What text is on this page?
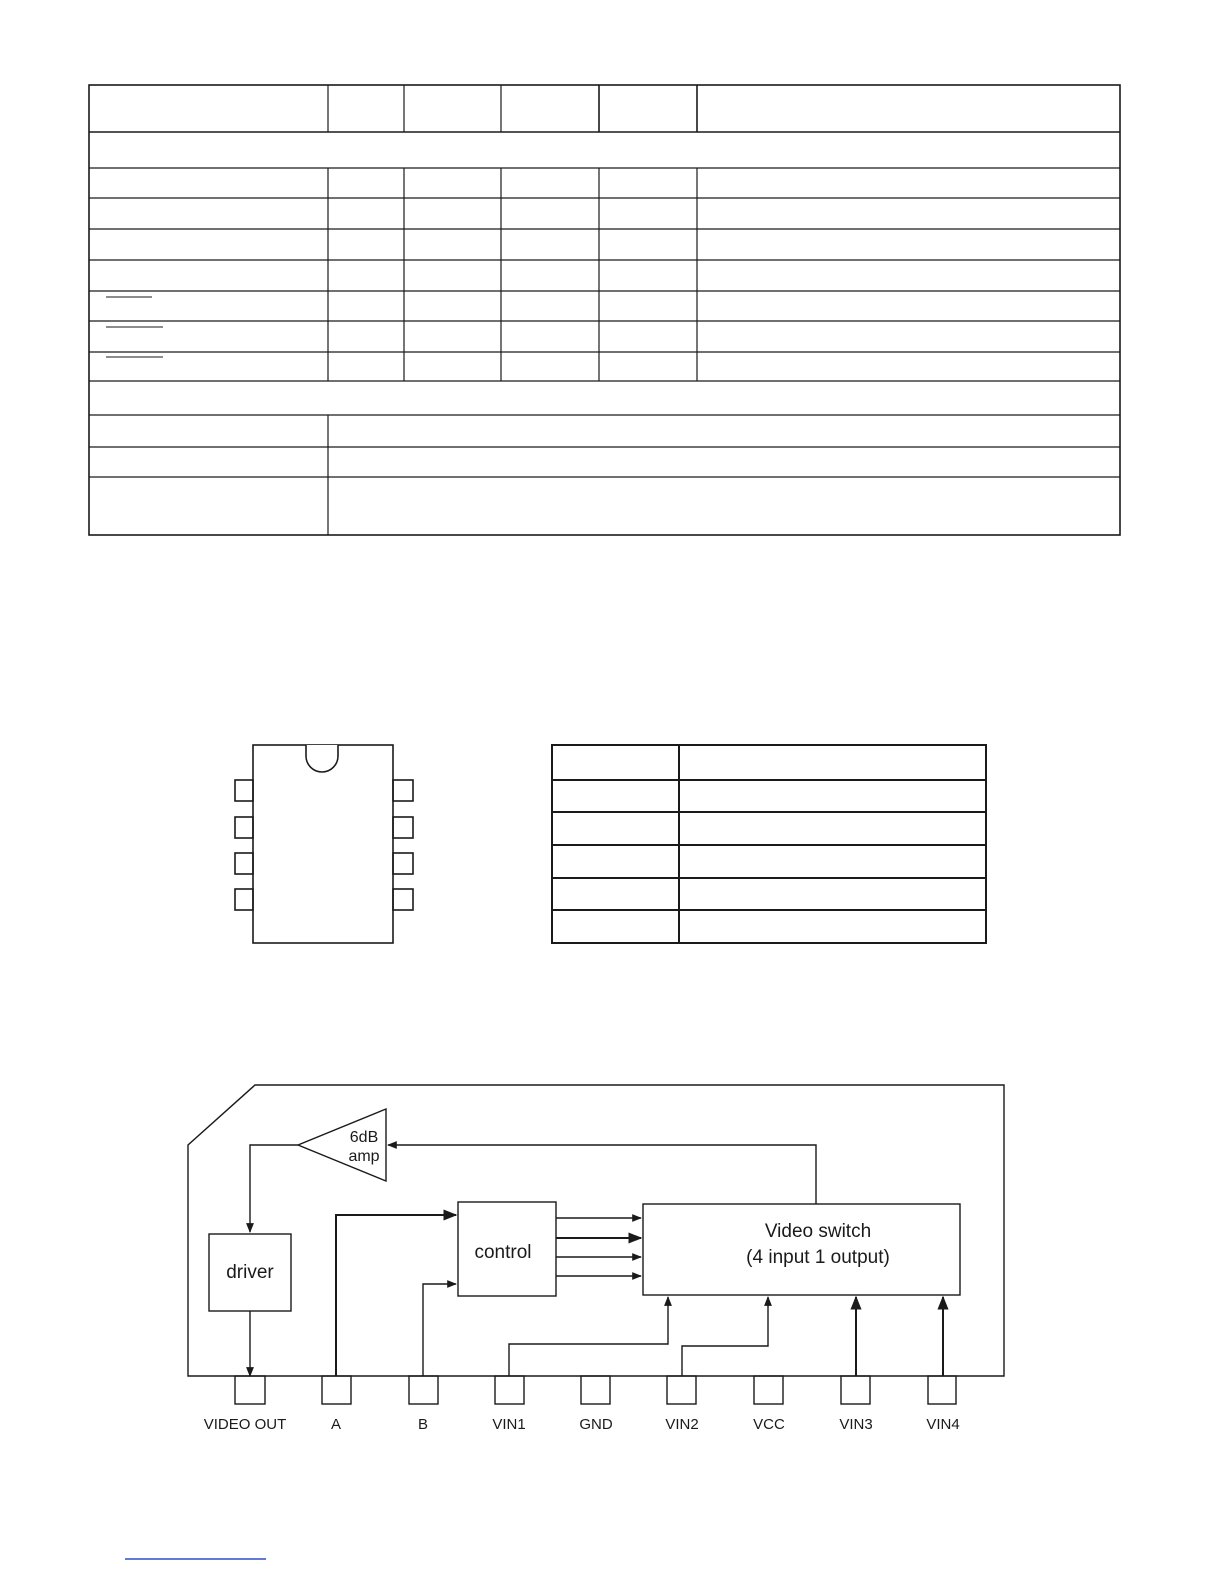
6dB
amp
driver
control
Video switch
(4 input 1 output)
VIDEO OUT	A	B	VIN1	GND	VIN2	VCC	VIN3	VIN4
